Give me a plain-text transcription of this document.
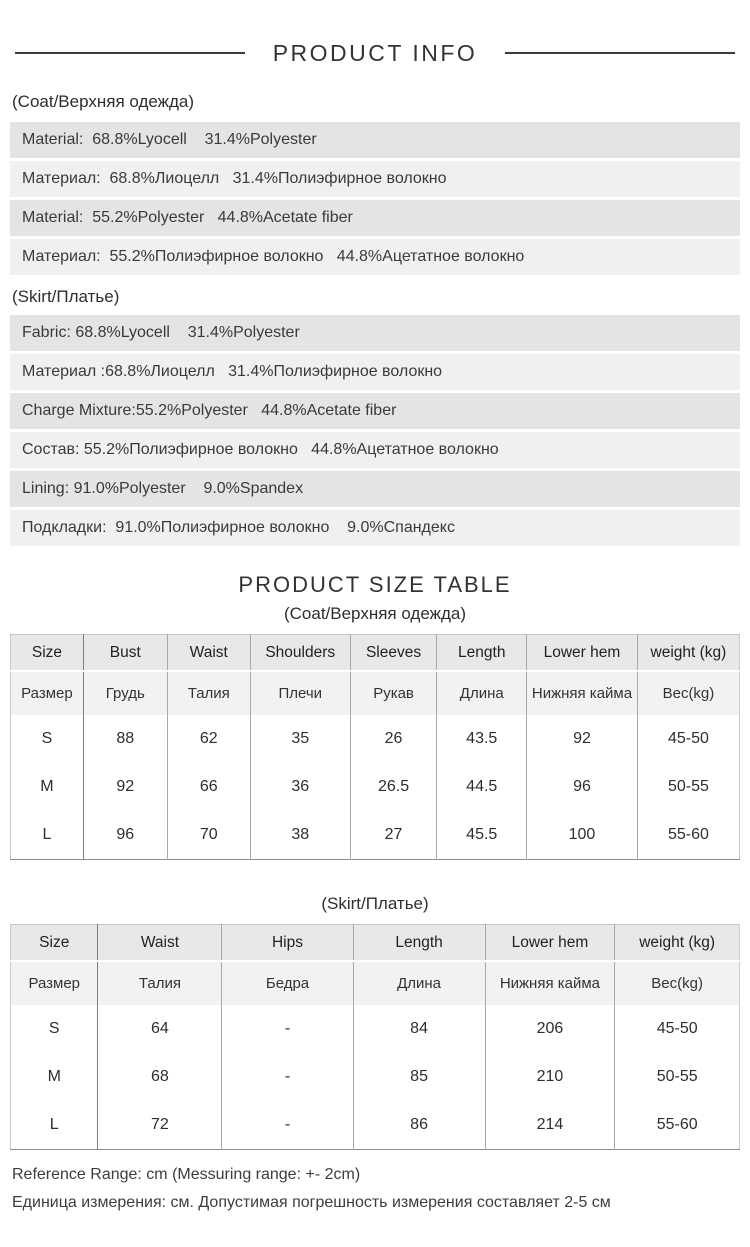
PRODUCT INFO
(Coat/Верхняя одежда)
Material:  68.8%Lyocell    31.4%Polyester
Материал:  68.8%Лиоцелл   31.4%Полиэфирное волокно
Material:  55.2%Polyester   44.8%Acetate fiber
Материал:  55.2%Полиэфирное волокно   44.8%Ацетатное волокно
(Skirt/Платье)
Fabric: 68.8%Lyocell    31.4%Polyester
Материал :68.8%Лиоцелл   31.4%Полиэфирное волокно
Charge Mixture:55.2%Polyester   44.8%Acetate fiber
Состав: 55.2%Полиэфирное волокно   44.8%Ацетатное волокно
Lining: 91.0%Polyester    9.0%Spandex
Подкладки:  91.0%Полиэфирное волокно    9.0%Спандекс
PRODUCT SIZE TABLE
(Coat/Верхняя одежда)
Size	Bust	Waist	Shoulders	Sleeves	Length	Lower hem	weight (kg)
Размер	Грудь	Талия	Плечи	Рукав	Длина	Нижняя кайма	Вес(kg)
S	88	62	35	26	43.5	92	45-50
M	92	66	36	26.5	44.5	96	50-55
L	96	70	38	27	45.5	100	55-60
(Skirt/Платье)
Size	Waist	Hips	Length	Lower hem	weight (kg)
Размер	Талия	Бедра	Длина	Нижняя кайма	Вес(kg)
S	64	-	84	206	45-50
M	68	-	85	210	50-55
L	72	-	86	214	55-60
Reference Range: cm (Messuring range: +- 2cm)
Единица измерения: см. Допустимая погрешность измерения составляет 2-5 см
